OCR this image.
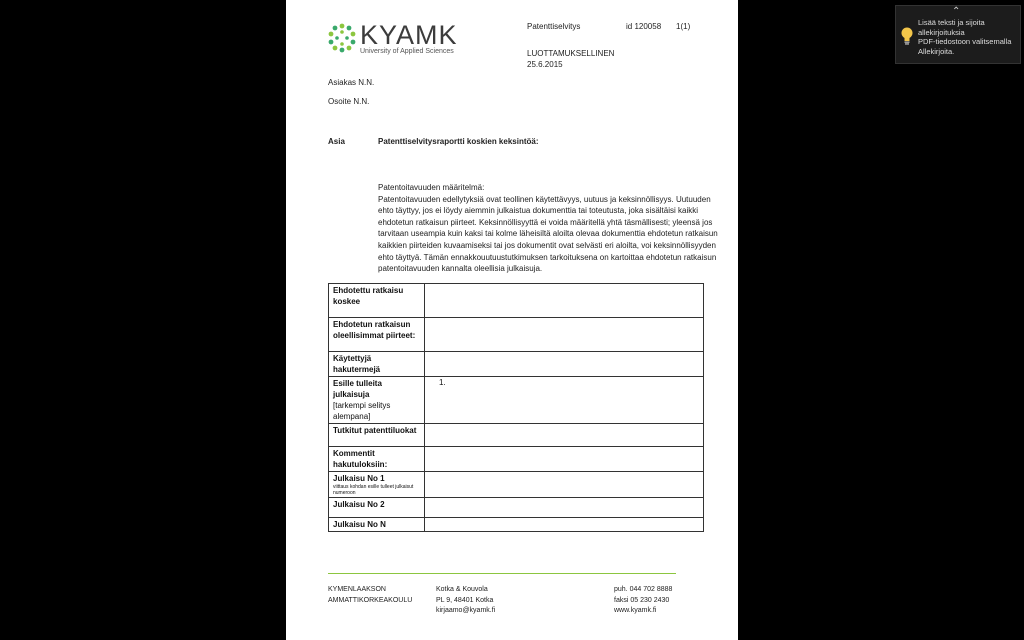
KYAMK
University of Applied Sciences
Patenttiselvitys	id 120058 1(1)
LUOTTAMUKSELLINEN
25.6.2015
Asiakas N.N.
Osoite N.N.
Asia	Patenttiselvitysraportti koskien keksintöä:
Patentoitavuuden määritelmä:
Patentoitavuuden edellytyksiä ovat teollinen käytettävyys, uutuus ja keksinnöllisyys. Uutuuden
ehto täyttyy, jos ei löydy aiemmin julkaistua dokumenttia tai toteutusta, joka sisältäisi kaikki
ehdotetun ratkaisun piirteet. Keksinnöllisyyttä ei voida määritellä yhtä täsmällisesti; yleensä jos
tarvitaan useampia kuin kaksi tai kolme läheisiltä aloilta olevaa dokumenttia ehdotetun ratkaisun
kaikkien piirteiden kuvaamiseksi tai jos dokumentit ovat selvästi eri aloilta, voi keksinnöllisyyden
ehto täyttyä. Tämän ennakkouutuustutkimuksen tarkoituksena on kartoittaa ehdotetun ratkaisun
patentoitavuuden kannalta oleellisia julkaisuja.
Ehdotettu ratkaisu koskee	
Ehdotetun ratkaisun oleellisimmat piirteet:	
Käytettyjä hakutermejä	
Esille tulleita julkaisuja
[tarkempi selitys alempana]	1.
Tutkitut patenttiluokat	
Kommentit hakutuloksiin:	
Julkaisu No 1
viittaus kohdan esille tulleet julkaisut numeroon	

Julkaisu No 2	
Julkaisu No N	
KYMENLAAKSON
AMMATTIKORKEAKOULU
Kotka & Kouvola
PL 9, 48401 Kotka
kirjaamo@kyamk.fi
puh. 044 702 8888
faksi 05 230 2430
www.kyamk.fi
⌃
Lisää teksti ja sijoita
allekirjoituksia
PDF-tiedostoon valitsemalla
Allekirjoita.
